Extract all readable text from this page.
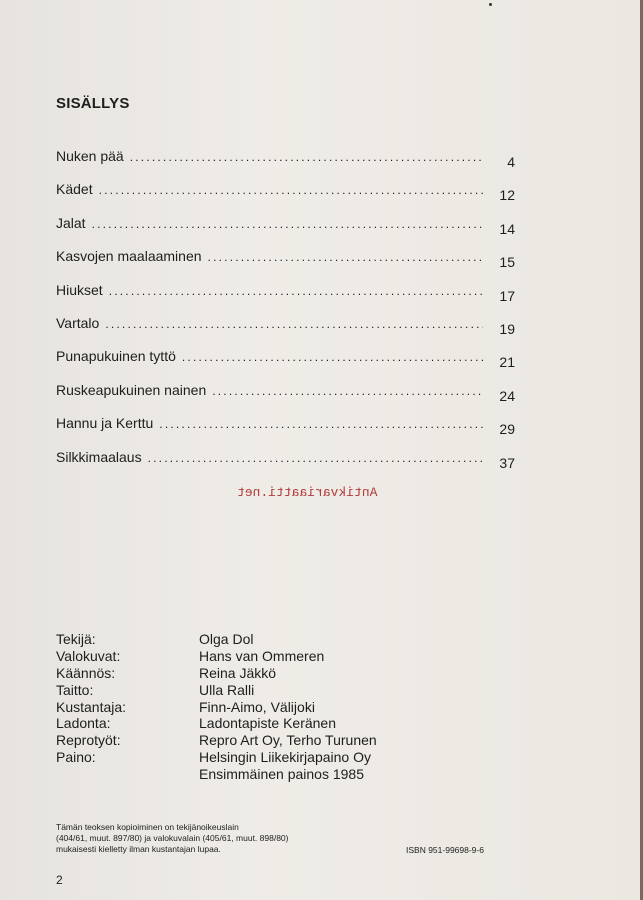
SISÄLLYS
Nuken pää .....	4
Kädet .....	12
Jalat .....	14
Kasvojen maalaaminen .....	15
Hiukset .....	17
Vartalo .....	19
Punapukuinen tyttö .....	21
Ruskeapukuinen nainen .....	24
Hannu ja Kerttu .....	29
Silkkimaalaus .....	37
Antikvariaatti.net
Tekijä:	Olga Dol
Valokuvat:	Hans van Ommeren
Käännös:	Reina Jäkkö
Taitto:	Ulla Ralli
Kustantaja:	Finn-Aimo, Välijoki
Ladonta:	Ladontapiste Keränen
Reprotyöt:	Repro Art Oy, Terho Turunen
Paino:	Helsingin Liikekirjapaino Oy
Ensimmäinen painos 1985
Tämän teoksen kopioiminen on tekijänoikeuslain
(404/61, muut. 897/80) ja valokuvalain (405/61, muut. 898/80)
mukaisesti kielletty ilman kustantajan lupaa.	ISBN 951-99698-9-6
2
